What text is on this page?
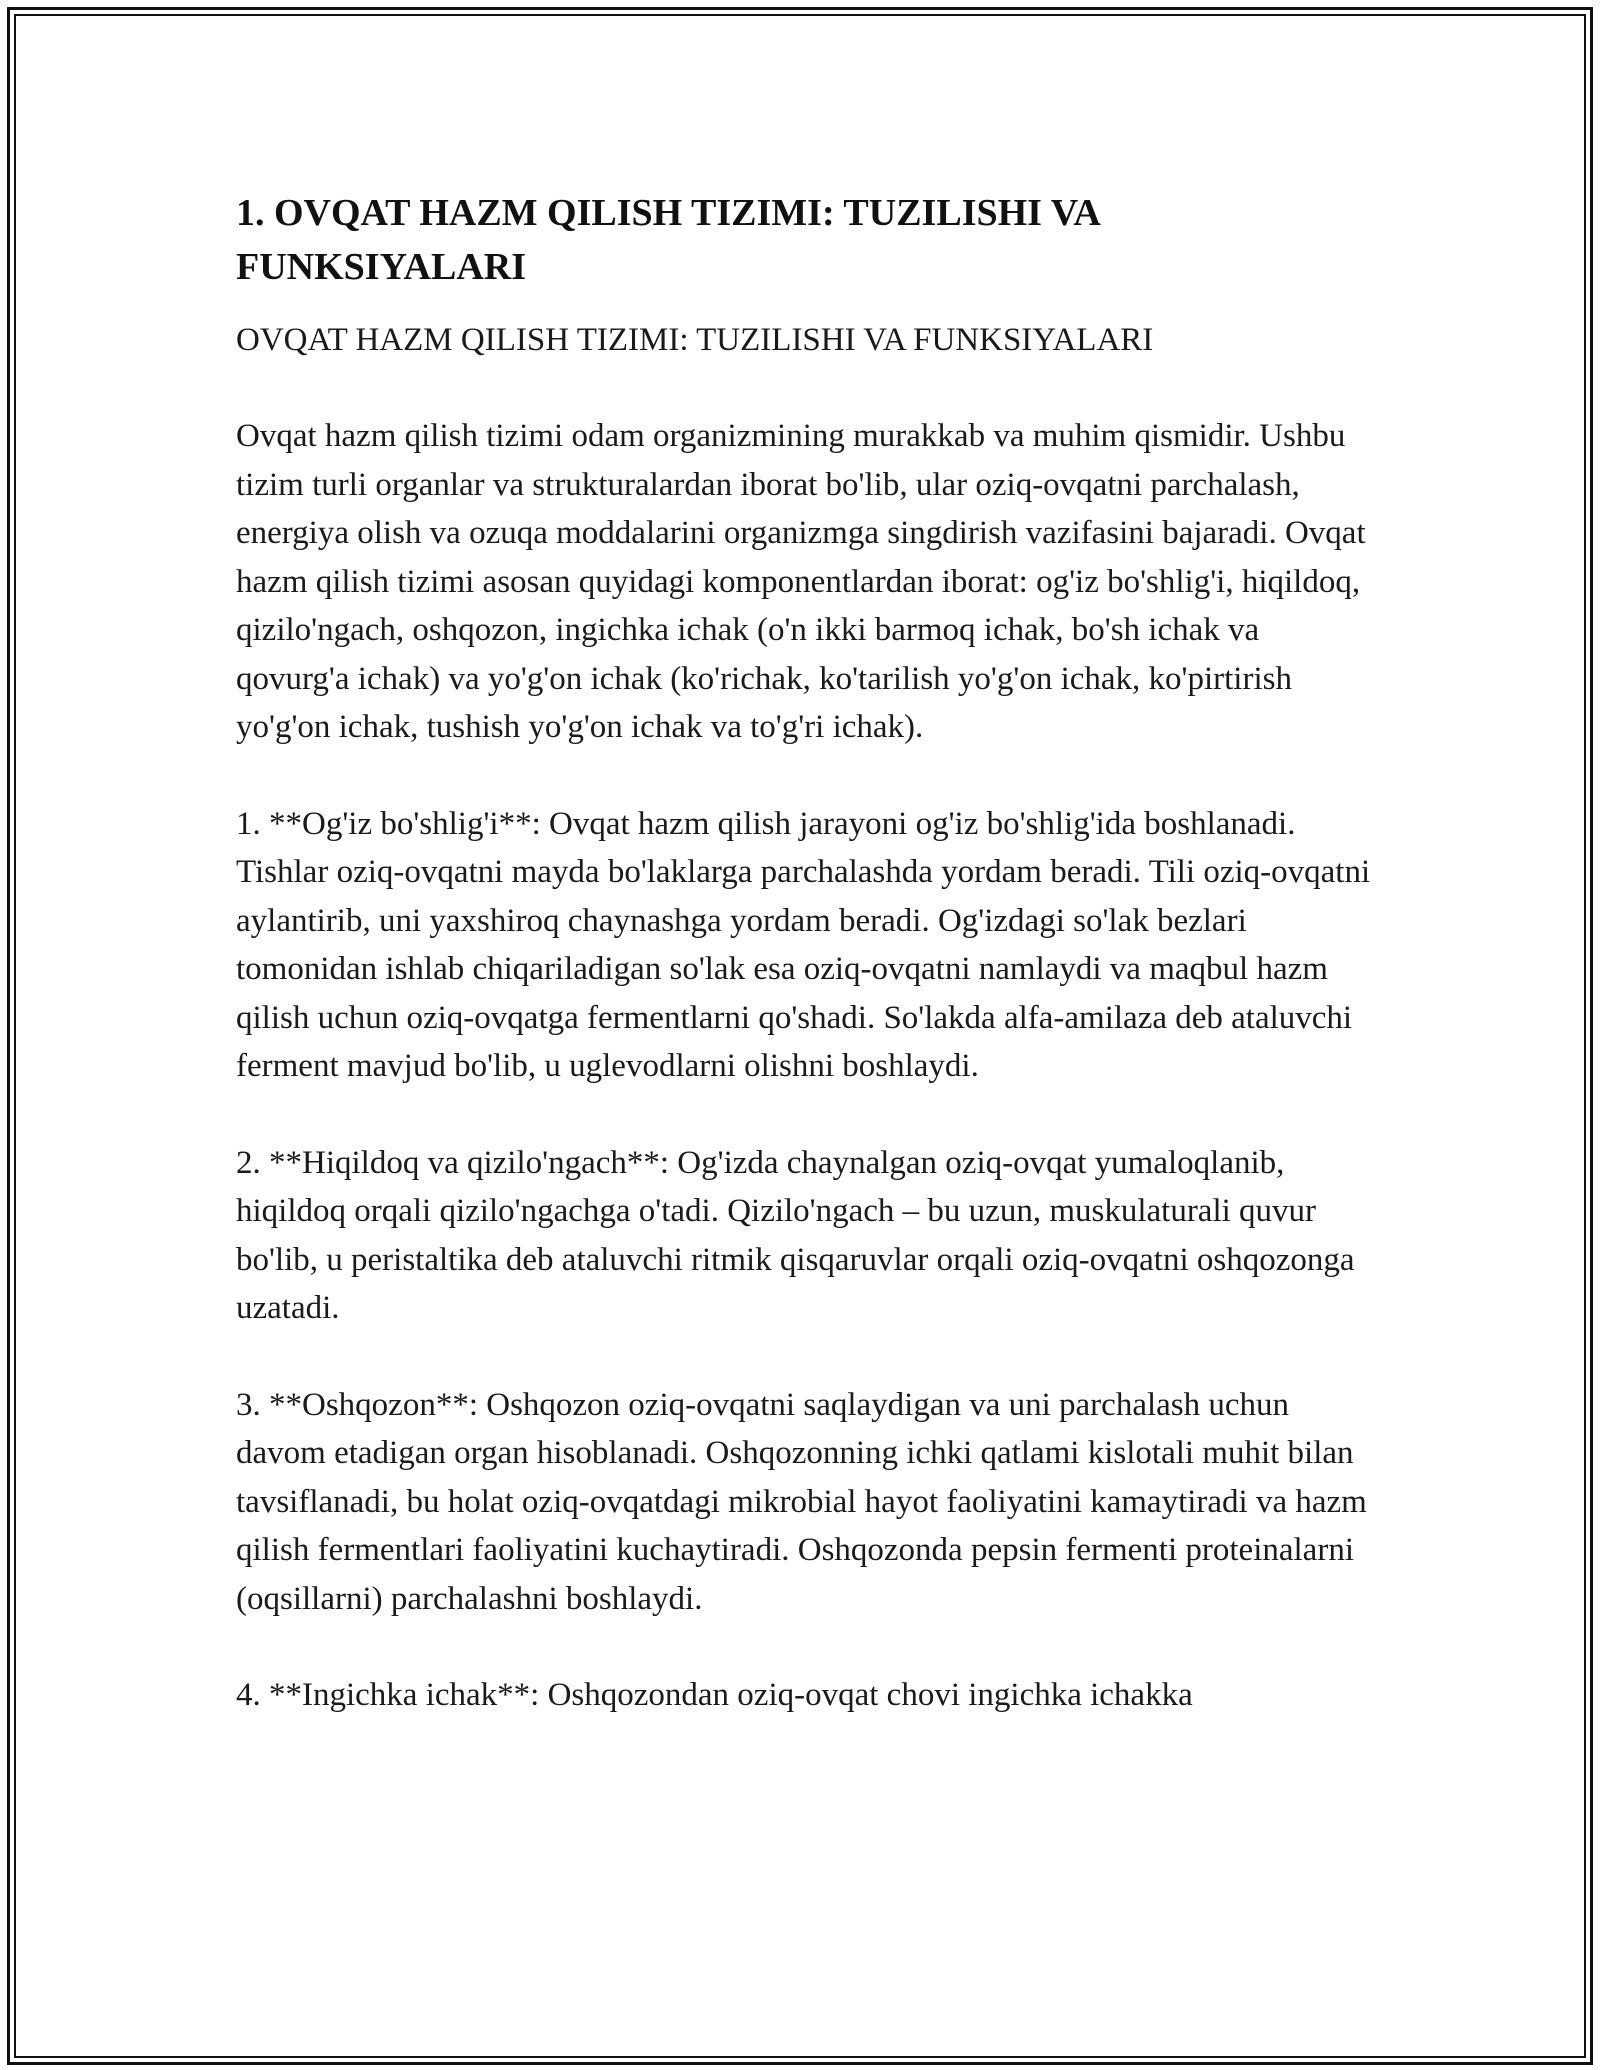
1. OVQAT HAZM QILISH TIZIMI: TUZILISHI VA FUNKSIYALARI

OVQAT HAZM QILISH TIZIMI: TUZILISHI VA FUNKSIYALARI

Ovqat hazm qilish tizimi odam organizmining murakkab va muhim qismidir. Ushbu tizim turli organlar va strukturalardan iborat bo'lib, ular oziq-ovqatni parchalash, energiya olish va ozuqa moddalarini organizmga singdirish vazifasini bajaradi. Ovqat hazm qilish tizimi asosan quyidagi komponentlardan iborat: og'iz bo'shlig'i, hiqildoq, qizilo'ngach, oshqozon, ingichka ichak (o'n ikki barmoq ichak, bo'sh ichak va qovurg'a ichak) va yo'g'on ichak (ko'richak, ko'tarilish yo'g'on ichak, ko'pirtirish yo'g'on ichak, tushish yo'g'on ichak va to'g'ri ichak).

1. **Og'iz bo'shlig'i**: Ovqat hazm qilish jarayoni og'iz bo'shlig'ida boshlanadi. Tishlar oziq-ovqatni mayda bo'laklarga parchalashda yordam beradi. Tili oziq-ovqatni aylantirib, uni yaxshiroq chaynashga yordam beradi. Og'izdagi so'lak bezlari tomonidan ishlab chiqariladigan so'lak esa oziq-ovqatni namlaydi va maqbul hazm qilish uchun oziq-ovqatga fermentlarni qo'shadi. So'lakda alfa-amilaza deb ataluvchi ferment mavjud bo'lib, u uglevodlarni olishni boshlaydi.

2. **Hiqildoq va qizilo'ngach**: Og'izda chaynalgan oziq-ovqat yumaloqlanib, hiqildoq orqali qizilo'ngachga o'tadi. Qizilo'ngach – bu uzun, muskulaturali quvur bo'lib, u peristaltika deb ataluvchi ritmik qisqaruvlar orqali oziq-ovqatni oshqozonga uzatadi.

3. **Oshqozon**: Oshqozon oziq-ovqatni saqlaydigan va uni parchalash uchun davom etadigan organ hisoblanadi. Oshqozonning ichki qatlami kislotali muhit bilan tavsiflanadi, bu holat oziq-ovqatdagi mikrobial hayot faoliyatini kamaytiradi va hazm qilish fermentlari faoliyatini kuchaytiradi. Oshqozonda pepsin fermenti proteinalarni (oqsillarni) parchalashni boshlaydi.

4. **Ingichka ichak**: Oshqozondan oziq-ovqat chovi ingichka ichakka
